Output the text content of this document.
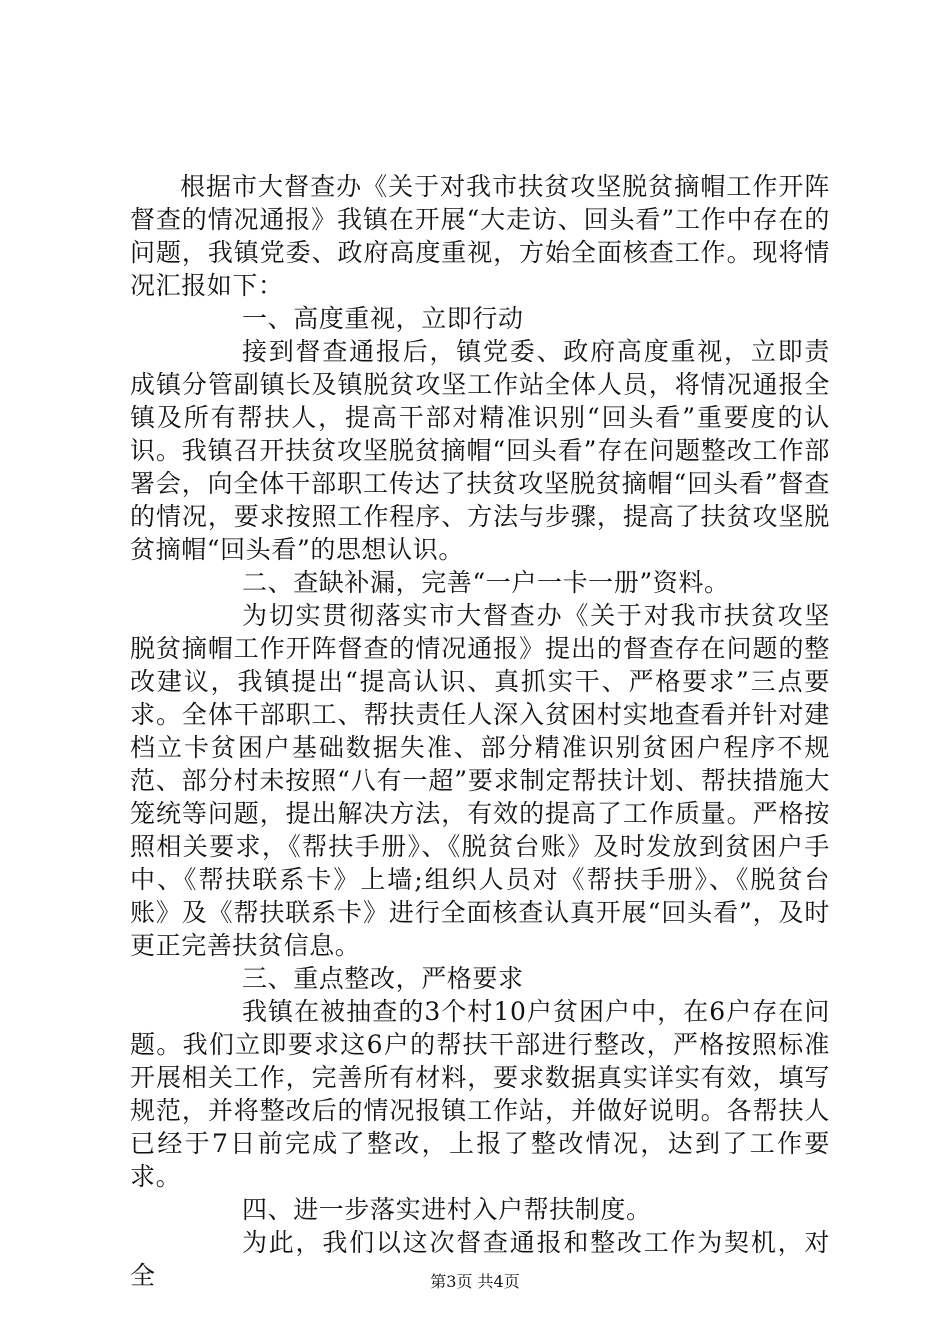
根据市大督查办《关于对我市扶贫攻坚脱贫摘帽工作开阵督查的情况通报》我镇在开展“大走访、回头看”工作中存在的问题，我镇党委、政府高度重视，方始全面核查工作。现将情况汇报如下：

一、高度重视，立即行动

接到督查通报后，镇党委、政府高度重视，立即责成镇分管副镇长及镇脱贫攻坚工作站全体人员，将情况通报全镇及所有帮扶人，提高干部对精准识别“回头看”重要度的认识。我镇召开扶贫攻坚脱贫摘帽“回头看”存在问题整改工作部署会，向全体干部职工传达了扶贫攻坚脱贫摘帽“回头看”督查的情况，要求按照工作程序、方法与步骤，提高了扶贫攻坚脱贫摘帽“回头看”的思想认识。

二、查缺补漏，完善“一户一卡一册”资料。

为切实贯彻落实市大督查办《关于对我市扶贫攻坚脱贫摘帽工作开阵督查的情况通报》提出的督查存在问题的整改建议，我镇提出“提高认识、真抓实干、严格要求”三点要求。全体干部职工、帮扶责任人深入贫困村实地查看并针对建档立卡贫困户基础数据失准、部分精准识别贫困户程序不规范、部分村未按照“八有一超”要求制定帮扶计划、帮扶措施大笼统等问题，提出解决方法，有效的提高了工作质量。严格按照相关要求，《帮扶手册》、《脱贫台账》及时发放到贫困户手中、《帮扶联系卡》上墙;组织人员对《帮扶手册》、《脱贫台账》及《帮扶联系卡》进行全面核查认真开展“回头看”，及时更正完善扶贫信息。

三、重点整改，严格要求

我镇在被抽查的3个村10户贫困户中，在6户存在问题。我们立即要求这6户的帮扶干部进行整改，严格按照标准开展相关工作，完善所有材料，要求数据真实详实有效，填写规范，并将整改后的情况报镇工作站，并做好说明。各帮扶人已经于7日前完成了整改，上报了整改情况，达到了工作要求。

四、进一步落实进村入户帮扶制度。

为此，我们以这次督查通报和整改工作为契机，对全	第3页 共4页
